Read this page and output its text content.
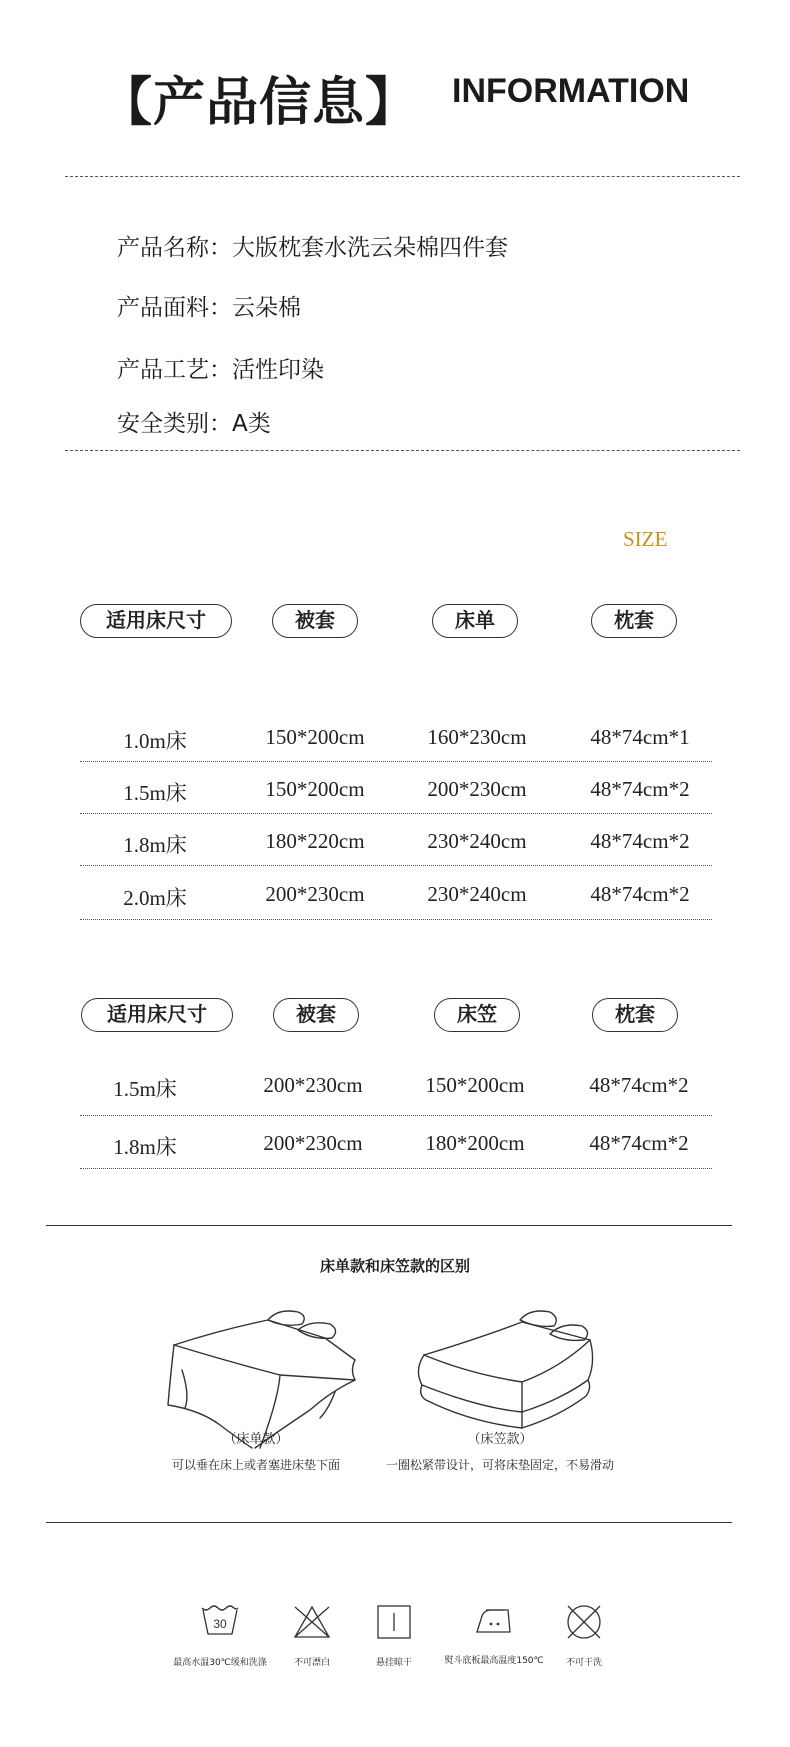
【产品信息】 INFORMATION
产品名称：大版枕套水洗云朵棉四件套
产品面料：云朵棉
产品工艺：活性印染
安全类别：A类
SIZE
适用床尺寸	被套	床单	枕套
1.0m床	150*200cm	160*230cm	48*74cm*1
1.5m床	150*200cm	200*230cm	48*74cm*2
1.8m床	180*220cm	230*240cm	48*74cm*2
2.0m床	200*230cm	230*240cm	48*74cm*2
适用床尺寸	被套	床笠	枕套
1.5m床	200*230cm	150*200cm	48*74cm*2
1.8m床	200*230cm	180*200cm	48*74cm*2
床单款和床笠款的区别
（床单款）
可以垂在床上或者塞进床垫下面
（床笠款）
一圈松紧带设计，可将床垫固定，不易滑动
30
最高水温30℃缓和洗涤	不可漂白	悬挂晾干	熨斗底板最高温度150℃	不可干洗
